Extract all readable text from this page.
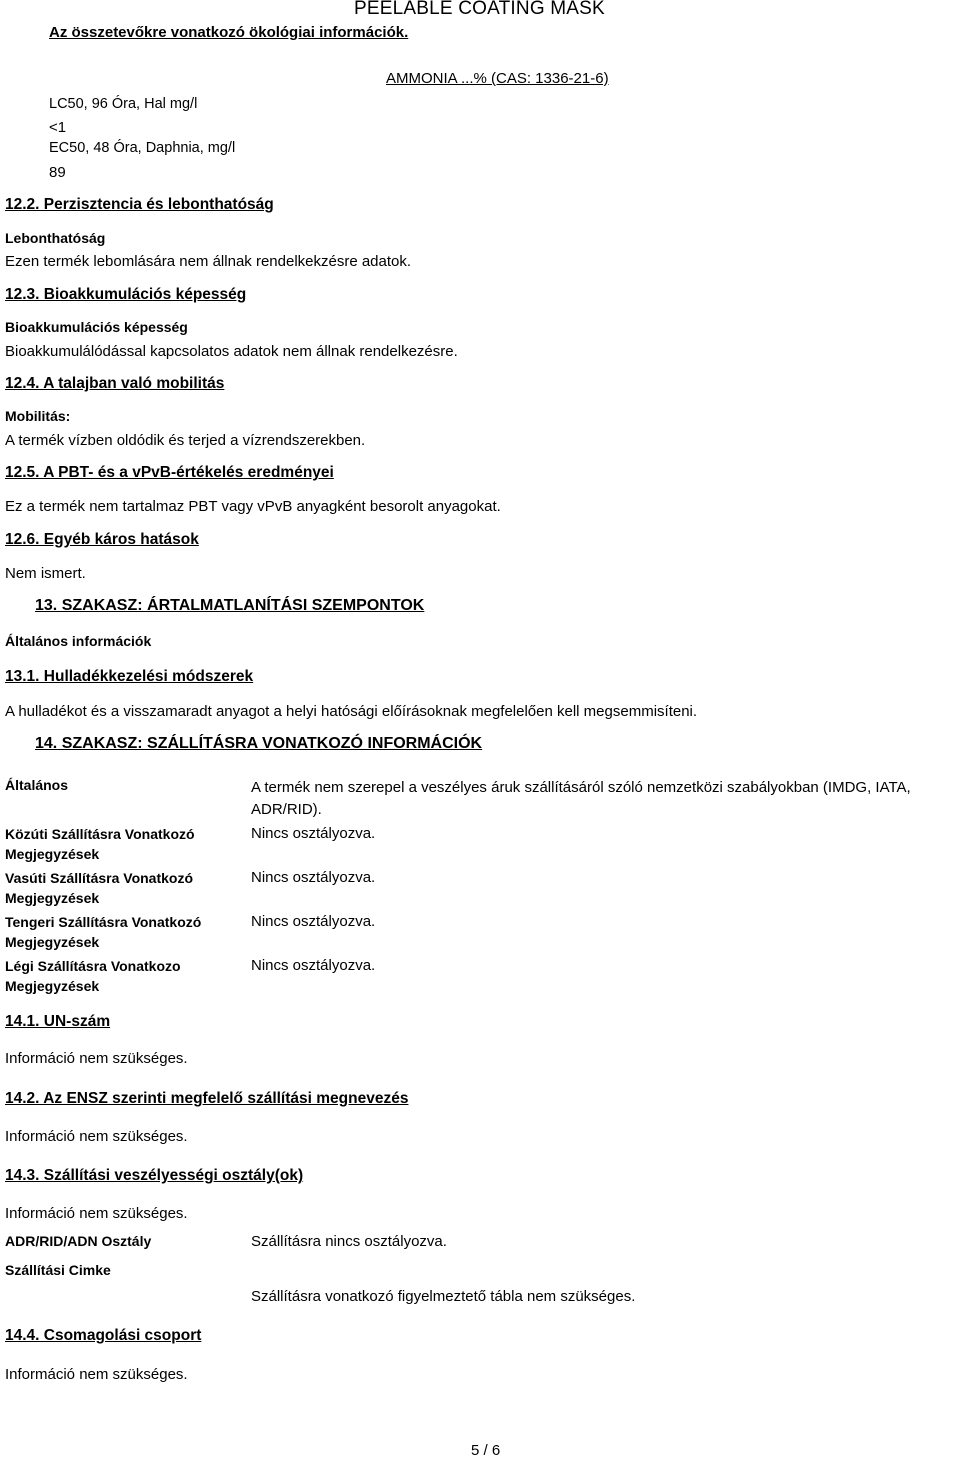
PEELABLE COATING MASK
Az összetevőkre vonatkozó ökológiai információk.
AMMONIA ...% (CAS: 1336-21-6)
LC50, 96 Óra, Hal mg/l
<1
EC50, 48 Óra, Daphnia, mg/l
89
12.2. Perzisztencia és lebonthatóság
Lebonthatóság
Ezen termék lebomlására nem állnak rendelkekzésre adatok.
12.3. Bioakkumulációs képesség
Bioakkumulációs képesség
Bioakkumulálódással kapcsolatos adatok nem állnak rendelkezésre.
12.4. A talajban való mobilitás
Mobilitás:
A termék vízben oldódik és terjed a vízrendszerekben.
12.5. A PBT- és a vPvB-értékelés eredményei
Ez a termék nem tartalmaz PBT vagy vPvB anyagként besorolt anyagokat.
12.6. Egyéb káros hatások
Nem ismert.
13. SZAKASZ: ÁRTALMATLANÍTÁSI SZEMPONTOK
Általános információk
13.1. Hulladékkezelési módszerek
A hulladékot és a visszamaradt anyagot a helyi hatósági előírásoknak megfelelően kell megsemmisíteni.
14. SZAKASZ: SZÁLLÍTÁSRA VONATKOZÓ INFORMÁCIÓK
Általános	A termék nem szerepel a veszélyes áruk szállításáról szóló nemzetközi szabályokban (IMDG, IATA, ADR/RID).
Közúti Szállításra Vonatkozó Megjegyzések
Nincs osztályozva.
Vasúti Szállításra Vonatkozó Megjegyzések
Nincs osztályozva.
Tengeri Szállításra Vonatkozó Megjegyzések
Nincs osztályozva.
Légi Szállításra Vonatkozo Megjegyzések
Nincs osztályozva.
14.1. UN-szám
Információ nem szükséges.
14.2. Az ENSZ szerinti megfelelő szállítási megnevezés
Információ nem szükséges.
14.3. Szállítási veszélyességi osztály(ok)
Információ nem szükséges.
ADR/RID/ADN Osztály	Szállításra nincs osztályozva.
Szállítási Cimke
Szállításra vonatkozó figyelmeztető tábla nem szükséges.
14.4. Csomagolási csoport
Információ nem szükséges.
5 / 6
